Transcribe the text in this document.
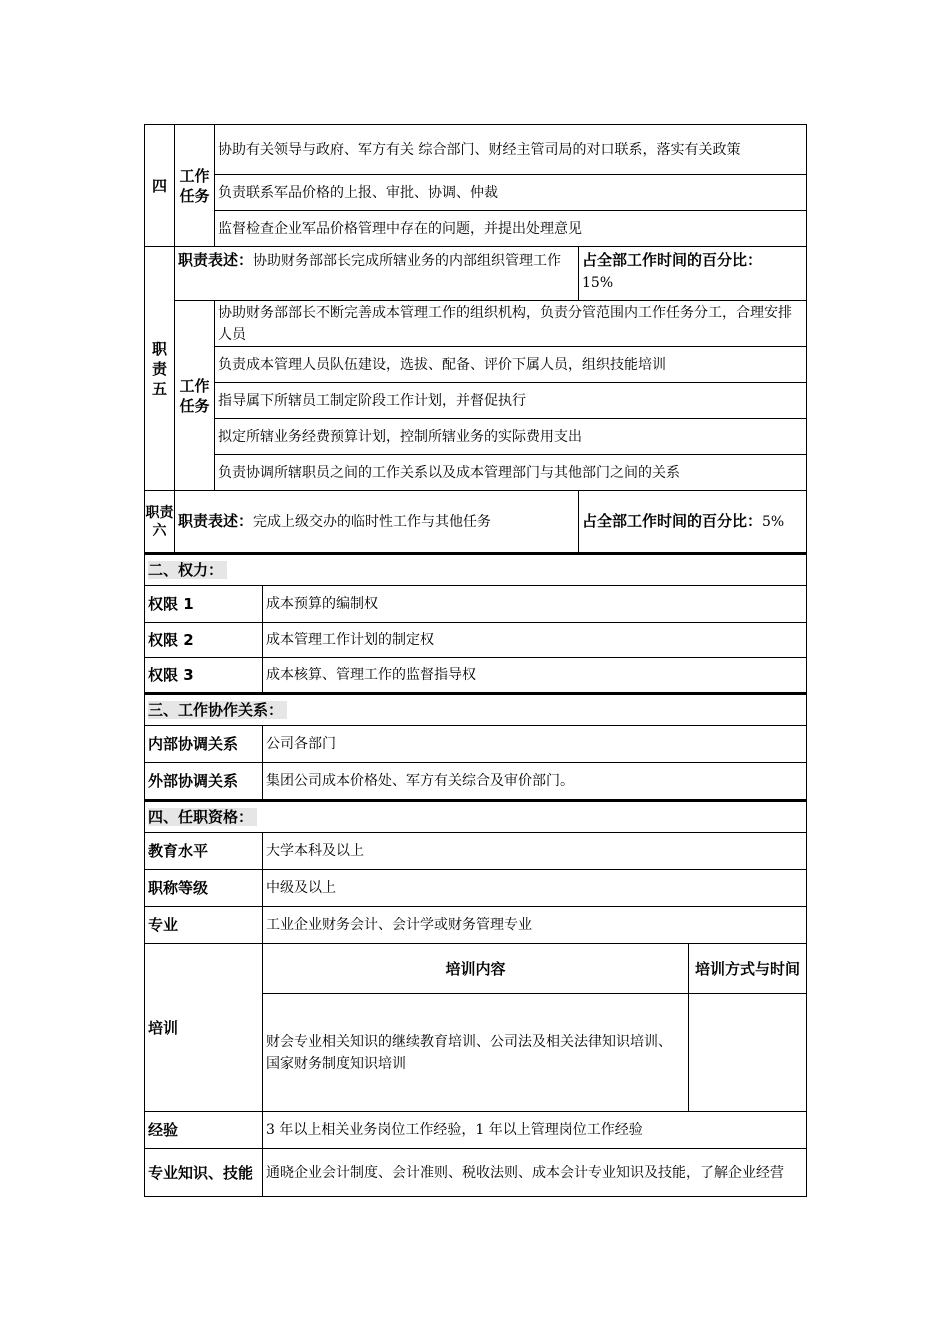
四	工作任务	协助有关领导与政府、军方有关 综合部门、财经主管司局的对口联系，落实有关政策	
		负责联系军品价格的上报、审批、协调、仲裁	
		监督检查企业军品价格管理中存在的问题，并提出处理意见	
职责五	职责表述：协助财务部部长完成所辖业务的内部组织管理工作		占全部工作时间的百分比：
15%
	工作任务	协助财务部部长不断完善成本管理工作的组织机构，负责分管范围内工作任务分工，合理安排人员	
		负责成本管理人员队伍建设，选拔、配备、评价下属人员，组织技能培训	
		指导属下所辖员工制定阶段工作计划，并督促执行	
		拟定所辖业务经费预算计划，控制所辖业务的实际费用支出	
		负责协调所辖职员之间的工作关系以及成本管理部门与其他部门之间的关系	
职责六	职责表述：完成上级交办的临时性工作与其他任务		占全部工作时间的百分比：5%
二、权力：		
权限 1	成本预算的编制权	
权限 2	成本管理工作计划的制定权	
权限 3	成本核算、管理工作的监督指导权	
三、工作协作关系：		
内部协调关系	公司各部门	
外部协调关系	集团公司成本价格处、军方有关综合及审价部门。	
四、任职资格：		
教育水平	大学本科及以上	
职称等级	中级及以上	
专业	工业企业财务会计、会计学或财务管理专业	
培训	培训内容	培训方式与时间
	财会专业相关知识的继续教育培训、公司法及相关法律知识培训、国家财务制度知识培训	
经验	3 年以上相关业务岗位工作经验，1 年以上管理岗位工作经验	
专业知识、技能	通晓企业会计制度、会计准则、税收法则、成本会计专业知识及技能，了解企业经营	
